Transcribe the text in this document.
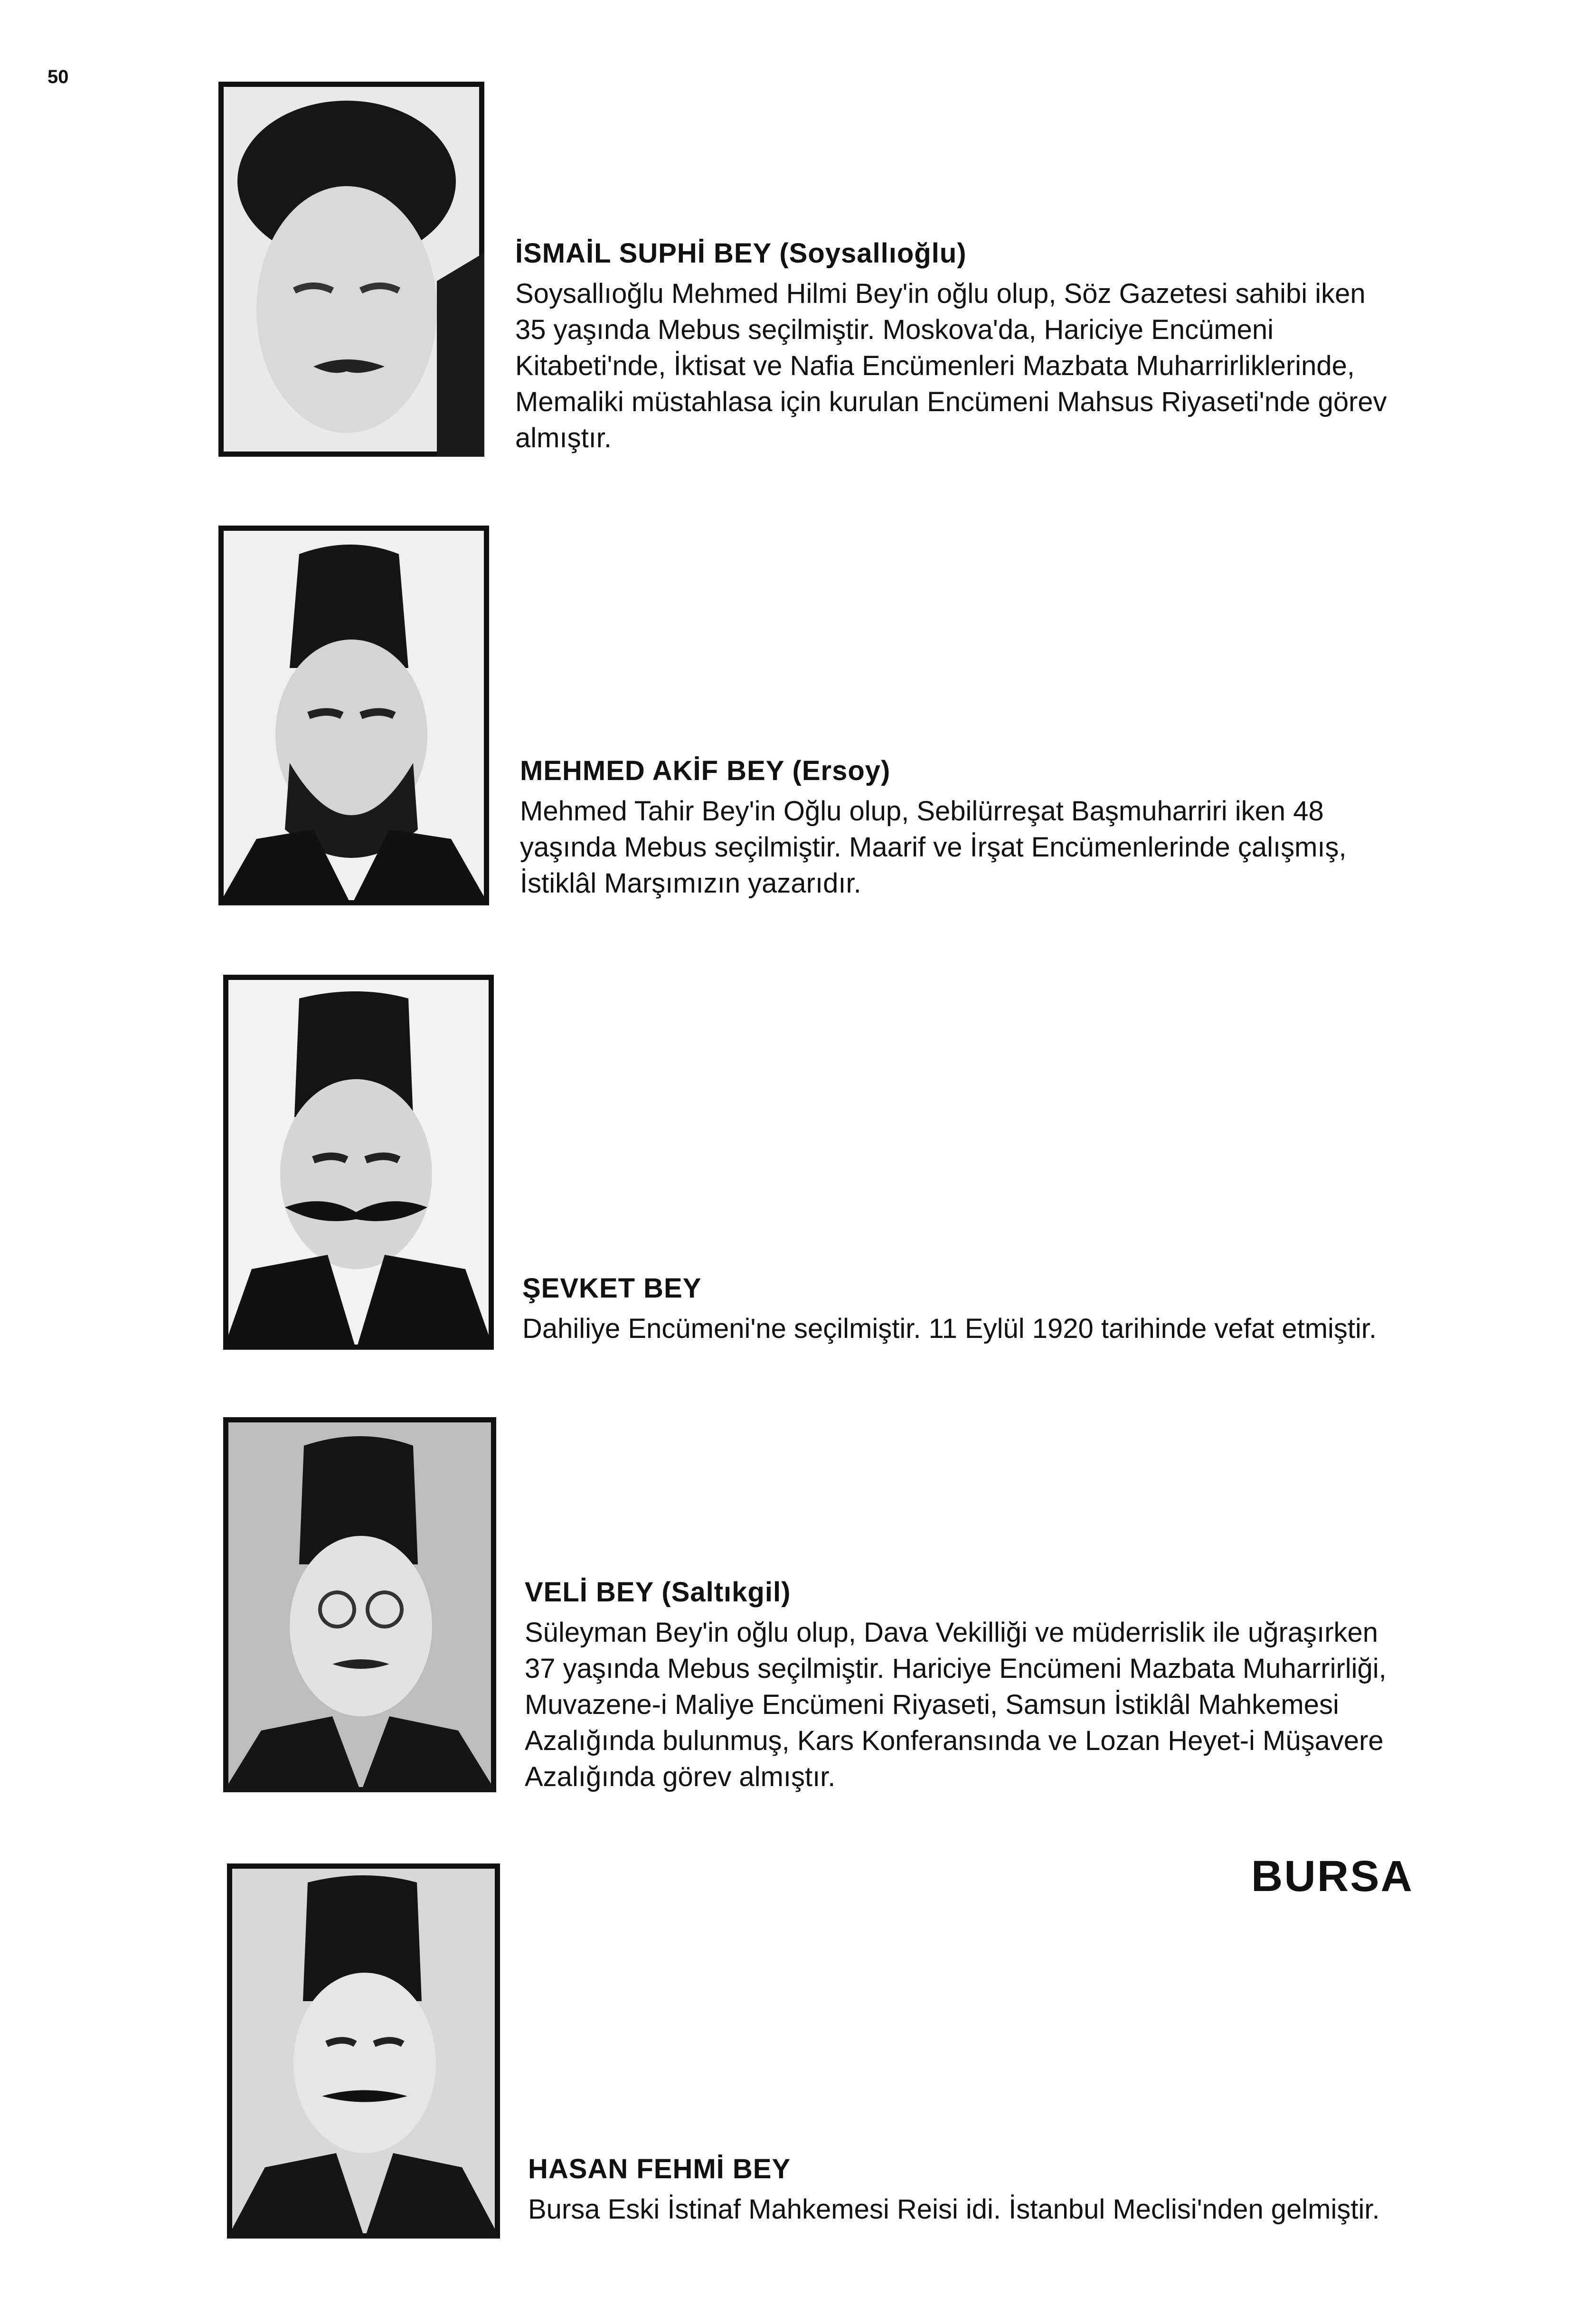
50

İSMAİL SUPHİ BEY (Soysallıoğlu)

Soysallıoğlu Mehmed Hilmi Bey'in oğlu olup, Söz Gazetesi sahibi iken 35 yaşında Mebus seçilmiştir. Moskova'da, Hariciye Encümeni Kitabeti'nde, İktisat ve Nafia Encümenleri Mazbata Muharrirliklerinde, Memaliki müstahlasa için kurulan Encümeni Mahsus Riyaseti'nde görev almıştır.

MEHMED AKİF BEY (Ersoy)

Mehmed Tahir Bey'in Oğlu olup, Sebilürreşat Başmuharriri iken 48 yaşında Mebus seçilmiştir. Maarif ve İrşat Encümenlerinde çalışmış, İstiklâl Marşımızın yazarıdır.

ŞEVKET BEY

Dahiliye Encümeni'ne seçilmiştir. 11 Eylül 1920 tarihinde vefat etmiştir.

VELİ BEY (Saltıkgil)

Süleyman Bey'in oğlu olup, Dava Vekilliği ve müderrislik ile uğraşırken 37 yaşında Mebus seçilmiştir. Hariciye Encümeni Mazbata Muharrirliği, Muvazene-i Maliye Encümeni Riyaseti, Samsun İstiklâl Mahkemesi Azalığında bulunmuş, Kars Konferansında ve Lozan Heyet-i Müşavere Azalığında görev almıştır.

BURSA

HASAN FEHMİ BEY

Bursa Eski İstinaf Mahkemesi Reisi idi. İstanbul Meclisi'nden gelmiştir.
